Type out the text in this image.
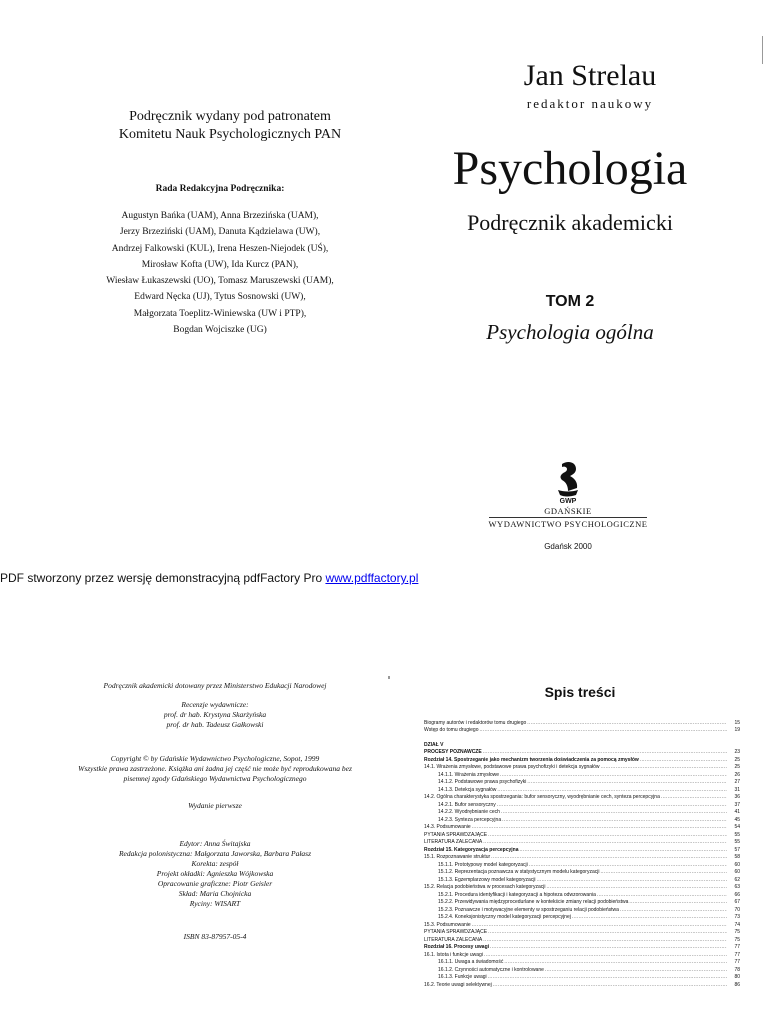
Podręcznik wydany pod patronatem
Komitetu Nauk Psychologicznych PAN
Rada Redakcyjna Podręcznika:
Augustyn Bańka (UAM), Anna Brzezińska (UAM),
Jerzy Brzeziński (UAM), Danuta Kądzielawa (UW),
Andrzej Falkowski (KUL), Irena Heszen-Niejodek (UŚ),
Mirosław Kofta (UW), Ida Kurcz (PAN),
Wiesław Łukaszewski (UO), Tomasz Maruszewski (UAM),
Edward Nęcka (UJ), Tytus Sosnowski (UW),
Małgorzata Toeplitz-Winiewska (UW i PTP),
Bogdan Wojciszke (UG)
Jan Strelau
redaktor naukowy
Psychologia
Podręcznik akademicki
TOM 2
Psychologia ogólna
GWP
GDAŃSKIE
WYDAWNICTWO PSYCHOLOGICZNE
Gdańsk 2000
PDF stworzony przez wersję demonstracyjną pdfFactory Pro www.pdffactory.pl
Podręcznik akademicki dotowany przez Ministerstwo Edukacji Narodowej
Recenzje wydawnicze:
prof. dr hab. Krystyna Skarżyńska
prof. dr hab. Tadeusz Gałkowski
Copyright © by Gdańskie Wydawnictwo Psychologiczne, Sopot, 1999
Wszystkie prawa zastrzeżone. Książka ani żadna jej część nie może być reprodukowana bez
pisemnej zgody Gdańskiego Wydawnictwa Psychologicznego
Wydanie pierwsze
Edytor: Anna Świtajska
Redakcja polonistyczna: Małgorzata Jaworska, Barbara Pałasz
Korekta: zespół
Projekt okładki: Agnieszka Wójkowska
Opracowanie graficzne: Piotr Geisler
Skład: Maria Chojnicka
Ryciny: WISART
ISBN 83-87957-05-4
Spis treści
Biogramy autorów i redaktorów tomu drugiego .....	15
Wstęp do tomu drugiego .....	19
DZIAŁ V
PROCESY POZNAWCZE .....	23
Rozdział 14. Spostrzeganie jako mechanizm tworzenia doświadczenia za pomocą zmysłów .....	25
14.1. Wrażenia zmysłowe, podstawowe prawa psychofizyki i detekcja sygnałów .....	25
14.1.1. Wrażenia zmysłowe .....	26
14.1.2. Podstawowe prawa psychofizyki .....	27
14.1.3. Detekcja sygnałów .....	31
14.2. Ogólna charakterystyka spostrzegania: bufor sensoryczny, wyodrębnianie cech, synteza percepcyjna .....	36
14.2.1. Bufor sensoryczny .....	37
14.2.2. Wyodrębnianie cech .....	41
14.2.3. Synteza percepcyjna .....	45
14.3. Podsumowanie .....	54
PYTANIA SPRAWDZAJĄCE .....	55
LITERATURA ZALECANA .....	55
Rozdział 15. Kategoryzacja percepcyjna .....	57
15.1. Rozpoznawanie struktur .....	58
15.1.1. Prototypowy model kategoryzacji .....	60
15.1.2. Reprezentacja poznawcza w statystycznym modelu kategoryzacji .....	60
15.1.3. Egzemplarzowy model kategoryzacji .....	62
15.2. Relacja podobieństwa w procesach kategoryzacji .....	63
15.2.1. Procedura identyfikacji i kategoryzacji a hipoteza odwzorowania .....	66
15.2.2. Przewidywania międzyprocedurlane w kontekście zmiany relacji podobieństwa .....	67
15.2.3. Poznawcze i motywacyjne elementy w spostrzeganiu relacji podobieństwa .....	70
15.2.4. Koneksjonistyczny model kategoryzacji percepcyjnej .....	73
15.3. Podsumowanie .....	74
PYTANIA SPRAWDZAJĄCE .....	75
LITERATURA ZALECANA .....	75
Rozdział 16. Procesy uwagi .....	77
16.1. Istota i funkcje uwagi .....	77
16.1.1. Uwaga a świadomość .....	77
16.1.2. Czynności automatyczne i kontrolowane .....	78
16.1.3. Funkcje uwagi .....	80
16.2. Teorie uwagi selektywnej .....	86
